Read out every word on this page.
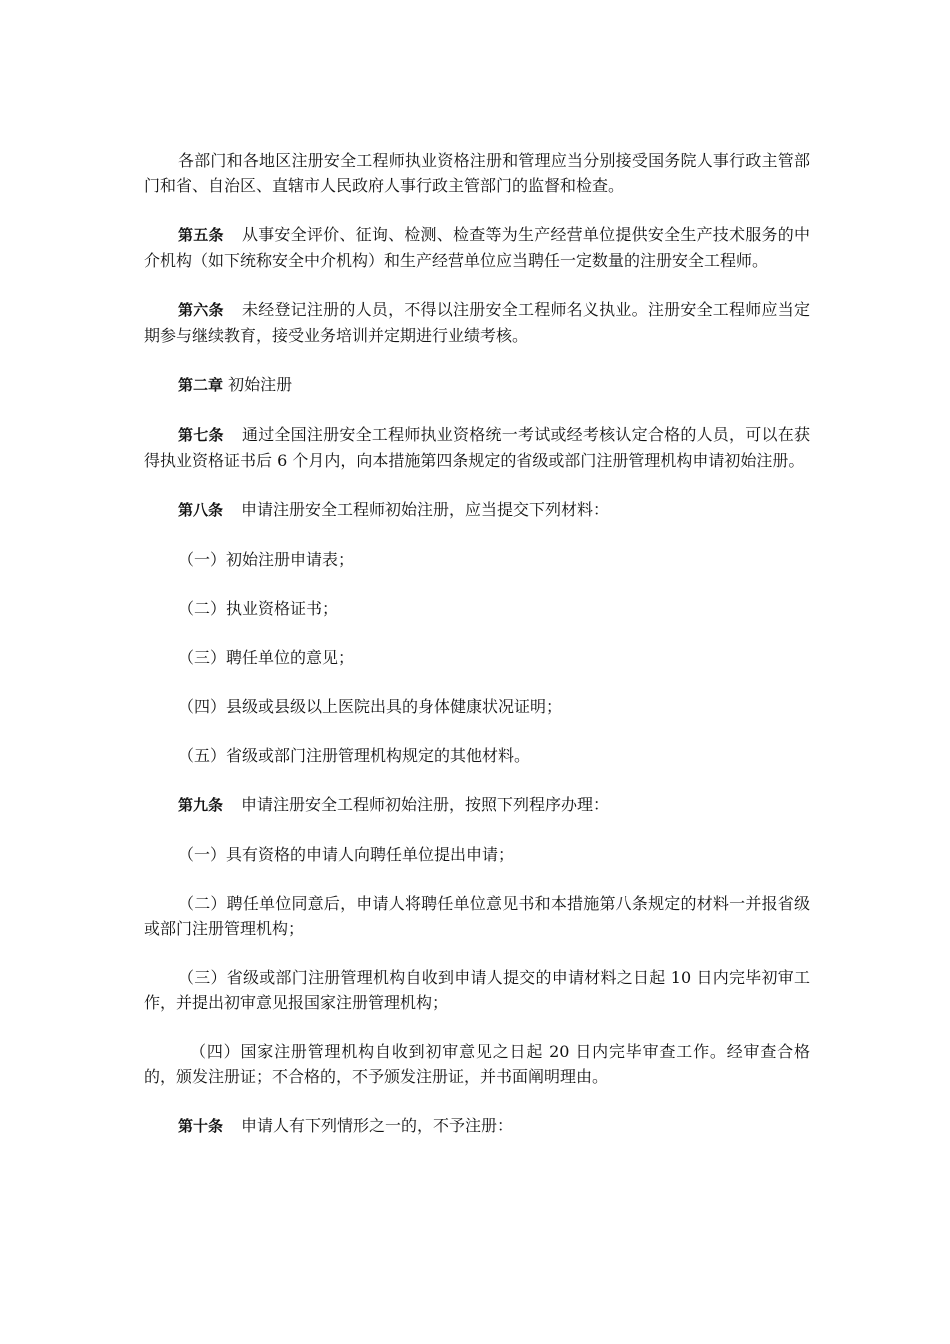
各部门和各地区注册安全工程师执业资格注册和管理应当分别接受国务院人事行政主管部门和省、自治区、直辖市人民政府人事行政主管部门的监督和检查。

第五条 从事安全评价、征询、检测、检查等为生产经营单位提供安全生产技术服务的中介机构（如下统称安全中介机构）和生产经营单位应当聘任一定数量的注册安全工程师。

第六条 未经登记注册的人员，不得以注册安全工程师名义执业。注册安全工程师应当定期参与继续教育，接受业务培训并定期进行业绩考核。

第二章 初始注册

第七条 通过全国注册安全工程师执业资格统一考试或经考核认定合格的人员，可以在获得执业资格证书后 6 个月内，向本措施第四条规定的省级或部门注册管理机构申请初始注册。

第八条 申请注册安全工程师初始注册，应当提交下列材料：

（一）初始注册申请表；

（二）执业资格证书；

（三）聘任单位的意见；

（四）县级或县级以上医院出具的身体健康状况证明；

（五）省级或部门注册管理机构规定的其他材料。

第九条 申请注册安全工程师初始注册，按照下列程序办理：

（一）具有资格的申请人向聘任单位提出申请；

（二）聘任单位同意后，申请人将聘任单位意见书和本措施第八条规定的材料一并报省级或部门注册管理机构；

（三）省级或部门注册管理机构自收到申请人提交的申请材料之日起 10 日内完毕初审工作，并提出初审意见报国家注册管理机构；

（四）国家注册管理机构自收到初审意见之日起 20 日内完毕审查工作。经审查合格的，颁发注册证；不合格的，不予颁发注册证，并书面阐明理由。

第十条 申请人有下列情形之一的，不予注册：
